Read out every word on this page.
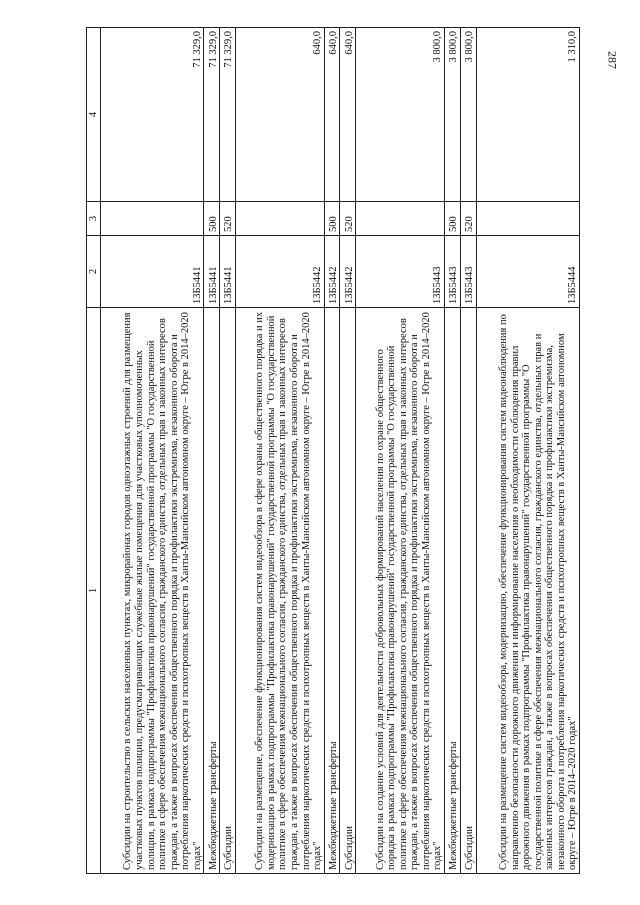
287
1	2	3	4
Субсидии на строительство в сельских населенных пунктах, микрорайонах городов одноэтажных строений для размещения участковых пунктов полиции, предусматривающих служебные жилые помещения для участковых уполномоченных полиции, в рамках подпрограммы "Профилактика правонарушений" государственной программы "О государственной политике в сфере обеспечения межнационального согласия, гражданского единства, отдельных прав и законных интересов граждан, а также в вопросах обеспечения общественного порядка и профилактики экстремизма, незаконного оборота и потребления наркотических средств и психотропных веществ в Ханты-Мансийском автономном округе – Югре в 2014–2020 годах"	13Б5441		71 329,0
Межбюджетные трансферты	13Б5441	500	71 329,0
Субсидии	13Б5441	520	71 329,0
Субсидии на размещение, обеспечение функционирования систем видеообзора в сфере охраны общественного порядка и их модернизацию в рамках подпрограммы "Профилактика правонарушений" государственной программы "О государственной политике в сфере обеспечения межнационального согласия, гражданского единства, отдельных прав и законных интересов граждан, а также в вопросах обеспечения общественного порядка и профилактики экстремизма, незаконного оборота и потребления наркотических средств и психотропных веществ в Ханты-Мансийском автономном округе – Югре в 2014–2020 годах"	13Б5442		640,0
Межбюджетные трансферты	13Б5442	500	640,0
Субсидии	13Б5442	520	640,0
Субсидии на создание условий для деятельности добровольных формирований населения по охране общественного порядка в рамках подпрограммы "Профилактика правонарушений" государственной программы "О государственной политике в сфере обеспечения межнационального согласия, гражданского единства, отдельных прав и законных интересов граждан, а также в вопросах обеспечения общественного порядка и профилактики экстремизма, незаконного оборота и потребления наркотических средств и психотропных веществ в Ханты-Мансийском автономном округе – Югре в 2014–2020 годах"	13Б5443		3 800,0
Межбюджетные трансферты	13Б5443	500	3 800,0
Субсидии	13Б5443	520	3 800,0
Субсидии на размещение систем видеообзора, модернизацию, обеспечение функционирования систем видеонаблюдения по направлению безопасности дорожного движения и информирование населения о необходимости соблюдения правил дорожного движения в рамках подпрограммы "Профилактика правонарушений" государственной программы "О государственной политике в сфере обеспечения межнационального согласия, гражданского единства, отдельных прав и законных интересов граждан, а также в вопросах обеспечения общественного порядка и профилактики экстремизма, незаконного оборота и потребления наркотических средств и психотропных веществ в Ханты-Мансийском автономном округе – Югре в 2014–2020 годах"	13Б5444		1 310,0
